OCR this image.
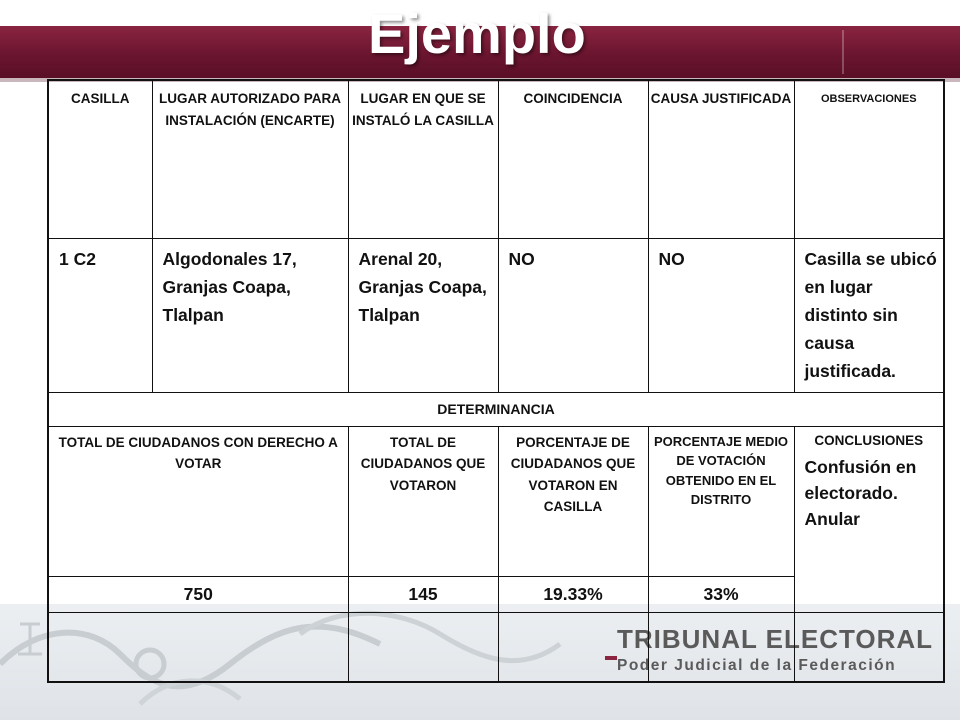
Ejemplo
TRIBUNAL ELECTORAL
Poder Judicial de la Federación
CASILLA	LUGAR AUTORIZADO PARA INSTALACIÓN (ENCARTE)	LUGAR EN QUE SE INSTALÓ LA CASILLA	COINCIDENCIA	CAUSA JUSTIFICADA	OBSERVACIONES
1 C2	Algodonales 17, Granjas Coapa, Tlalpan	Arenal 20, Granjas Coapa, Tlalpan	NO	NO	Casilla se ubicó en lugar distinto sin causa justificada.
DETERMINANCIA					
TOTAL DE CIUDADANOS CON DERECHO A VOTAR		TOTAL DE CIUDADANOS QUE VOTARON	PORCENTAJE DE CIUDADANOS QUE VOTARON EN CASILLA	PORCENTAJE MEDIO DE VOTACIÓN OBTENIDO EN EL DISTRITO	CONCLUSIONES
Confusión en electorado. Anular

750		145	19.33%	33%	
